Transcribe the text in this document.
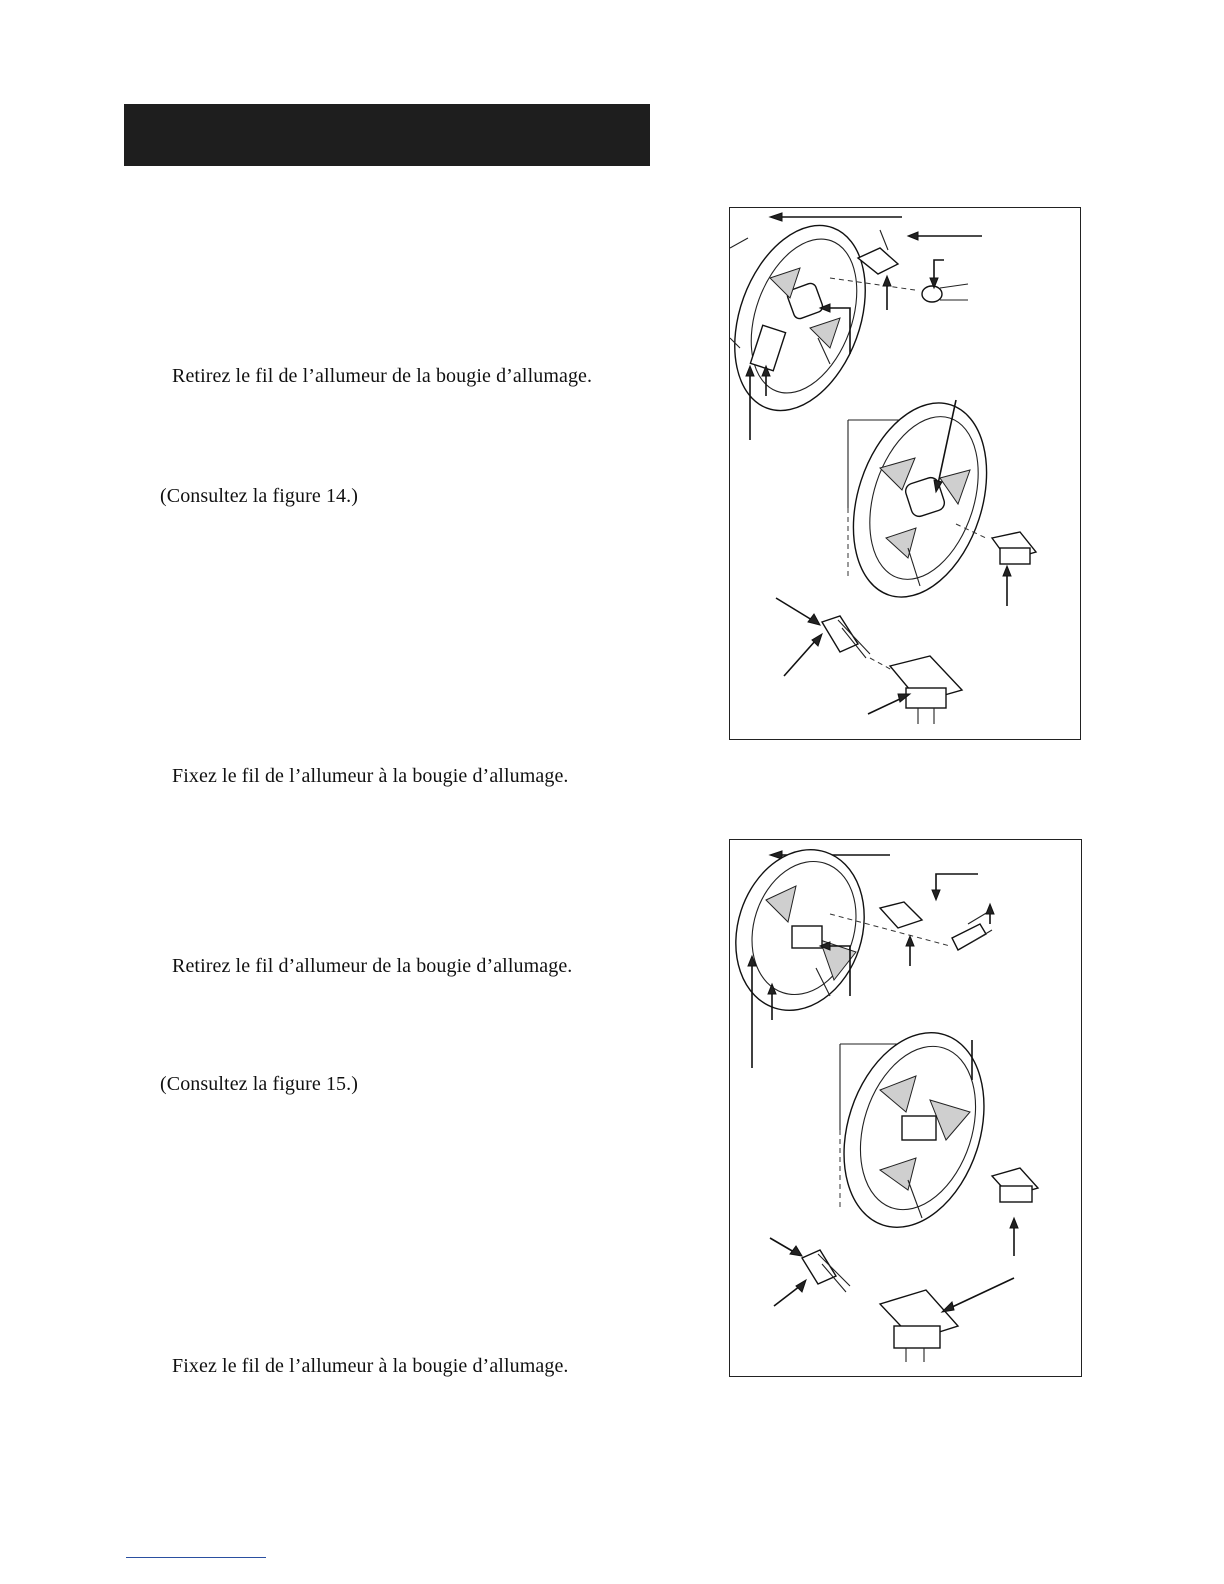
Retirez le fil de l’allumeur de la bougie d’allumage.
(Consultez la figure 14.)
Fixez le fil de l’allumeur à la bougie d’allumage.
Retirez le fil d’allumeur de la bougie d’allumage.
(Consultez la figure 15.)
Fixez le fil de l’allumeur à la bougie d’allumage.
